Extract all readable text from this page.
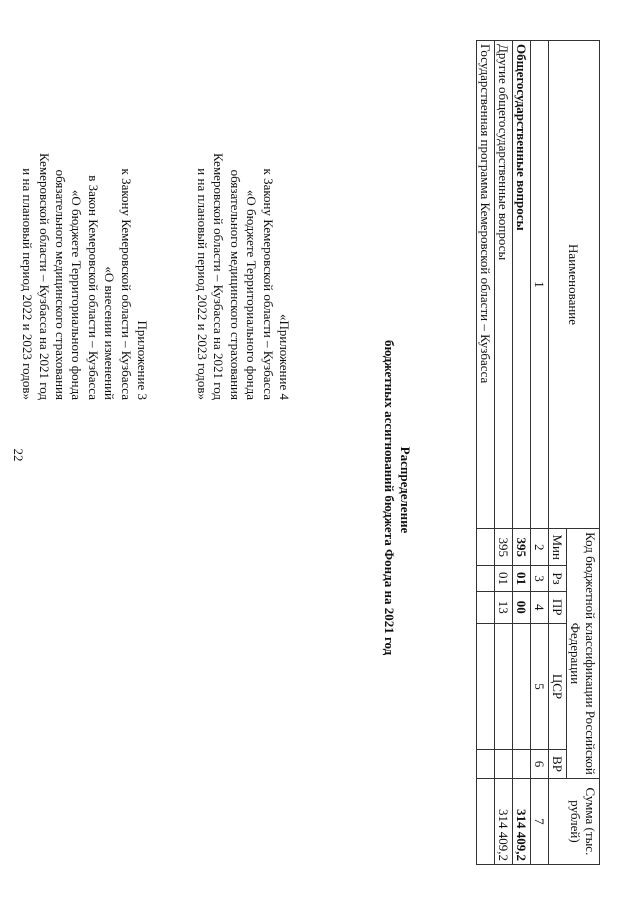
22
Приложение 3
к Закону Кемеровской области – Кузбасса
«О внесении изменений
в Закон Кемеровской области – Кузбасса
«О бюджете Территориального фонда
обязательного медицинского страхования
Кемеровской области – Кузбасса на 2021 год
и на плановый период 2022 и 2023 годов»	«Приложение 4
к Закону Кемеровской области – Кузбасса
«О бюджете Территориального фонда
обязательного медицинского страхования
Кемеровской области – Кузбасса на 2021 год
и на плановый период 2022 и 2023 годов»
Распределение
бюджетных ассигнований бюджета Фонда на 2021 год
Наименование	Код бюджетной классификации Российской Федерации					Сумма (тыс. рублей)
	Мин	Рз	ПР	ЦСР	ВР	
1	2	3	4	5	6	7
Общегосударственные вопросы	395	01	00			314 409,2
Другие общегосударственные вопросы	395	01	13			314 409,2
Государственная программа Кемеровской области – Кузбасса						
